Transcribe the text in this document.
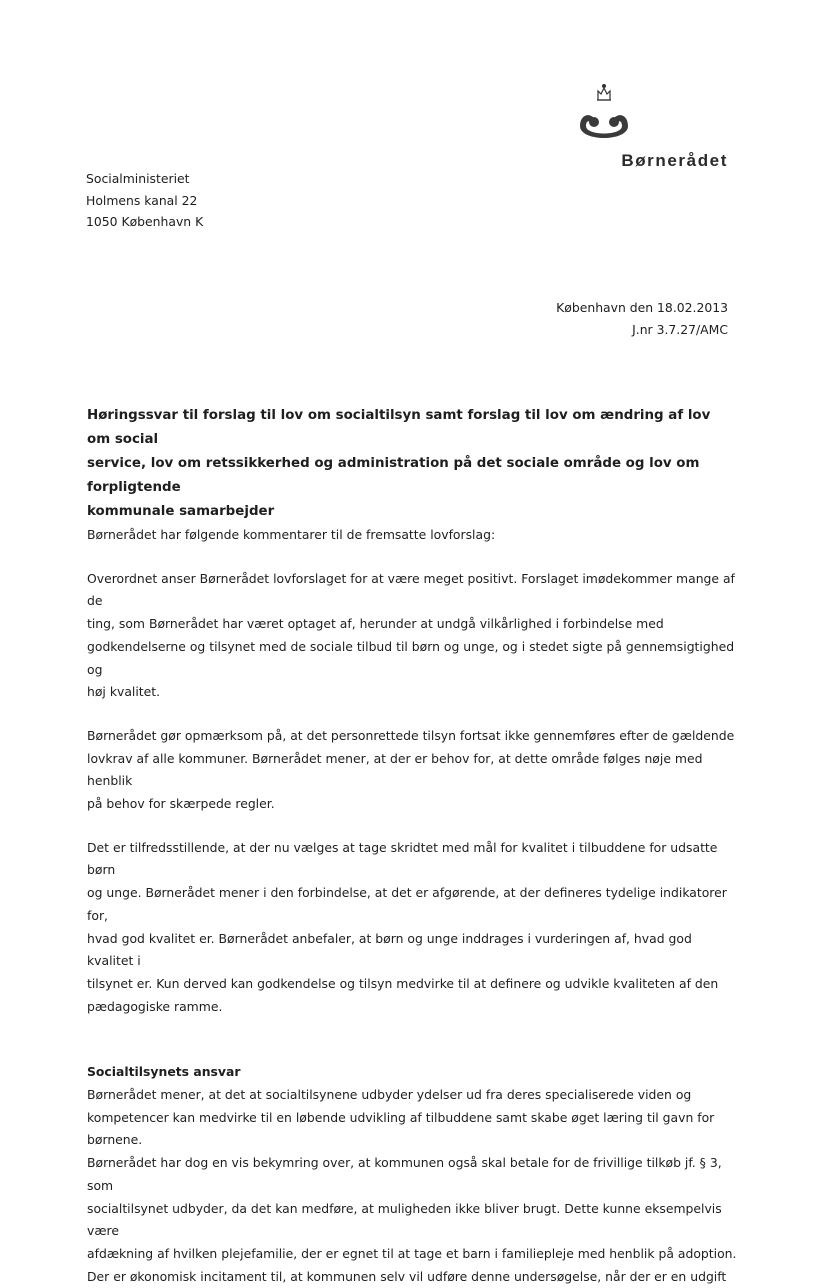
Børnerådet
Socialministeriet
Holmens kanal 22
1050 København K
København den 18.02.2013
J.nr 3.7.27/AMC
Høringssvar til forslag til lov om socialtilsyn samt forslag til lov om ændring af lov om social
service, lov om retssikkerhed og administration på det sociale område og lov om forpligtende
kommunale samarbejder
Børnerådet har følgende kommentarer til de fremsatte lovforslag:
Overordnet anser Børnerådet lovforslaget for at være meget positivt. Forslaget imødekommer mange af de
ting, som Børnerådet har været optaget af, herunder at undgå vilkårlighed i forbindelse med
godkendelserne og tilsynet med de sociale tilbud til børn og unge, og i stedet sigte på gennemsigtighed og
høj kvalitet.
Børnerådet gør opmærksom på, at det personrettede tilsyn fortsat ikke gennemføres efter de gældende
lovkrav af alle kommuner. Børnerådet mener, at der er behov for, at dette område følges nøje med henblik
på behov for skærpede regler.
Det er tilfredsstillende, at der nu vælges at tage skridtet med mål for kvalitet i tilbuddene for udsatte børn
og unge. Børnerådet mener i den forbindelse, at det er afgørende, at der defineres tydelige indikatorer for,
hvad god kvalitet er. Børnerådet anbefaler, at børn og unge inddrages i vurderingen af, hvad god kvalitet i
tilsynet er. Kun derved kan godkendelse og tilsyn medvirke til at definere og udvikle kvaliteten af den
pædagogiske ramme.
Socialtilsynets ansvar
Børnerådet mener, at det at socialtilsynene udbyder ydelser ud fra deres specialiserede viden og
kompetencer kan medvirke til en løbende udvikling af tilbuddene samt skabe øget læring til gavn for
børnene.
Børnerådet har dog en vis bekymring over, at kommunen også skal betale for de frivillige tilkøb jf. § 3, som
socialtilsynet udbyder, da det kan medføre, at muligheden ikke bliver brugt. Dette kunne eksempelvis være
afdækning af hvilken plejefamilie, der er egnet til at tage et barn i familiepleje med henblik på adoption.
Der er økonomisk incitament til, at kommunen selv vil udføre denne undersøgelse, når der er en udgift
